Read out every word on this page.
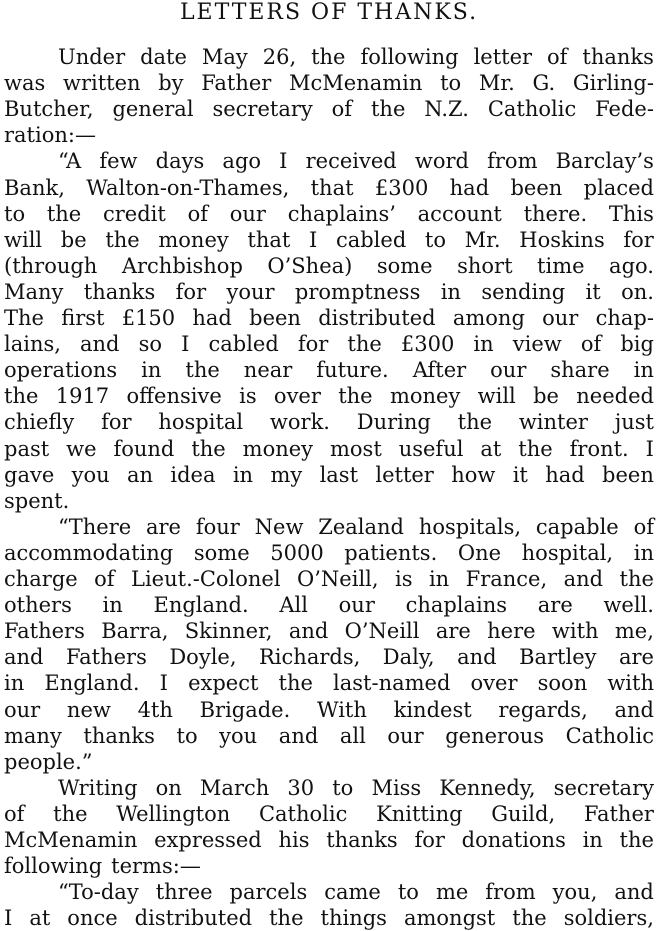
LETTERS OF THANKS.
Under date May 26, the following letter of thanks
was written by Father McMenamin to Mr. G. Girling-
Butcher, general secretary of the N.Z. Catholic Fede-
ration:—
“A few days ago I received word from Barclay’s
Bank, Walton-on-Thames, that £300 had been placed
to the credit of our chaplains’ account there. This
will be the money that I cabled to Mr. Hoskins for
(through Archbishop O’Shea) some short time ago.
Many thanks for your promptness in sending it on.
The first £150 had been distributed among our chap-
lains, and so I cabled for the £300 in view of big
operations in the near future. After our share in
the 1917 offensive is over the money will be needed
chiefly for hospital work. During the winter just
past we found the money most useful at the front. I
gave you an idea in my last letter how it had been
spent.
“There are four New Zealand hospitals, capable of
accommodating some 5000 patients. One hospital, in
charge of Lieut.-Colonel O’Neill, is in France, and the
others in England. All our chaplains are well.
Fathers Barra, Skinner, and O’Neill are here with me,
and Fathers Doyle, Richards, Daly, and Bartley are
in England. I expect the last-named over soon with
our new 4th Brigade. With kindest regards, and
many thanks to you and all our generous Catholic
people.”
Writing on March 30 to Miss Kennedy, secretary
of the Wellington Catholic Knitting Guild, Father
McMenamin expressed his thanks for donations in the
following terms:—
“To-day three parcels came to me from you, and
I at once distributed the things amongst the soldiers,
